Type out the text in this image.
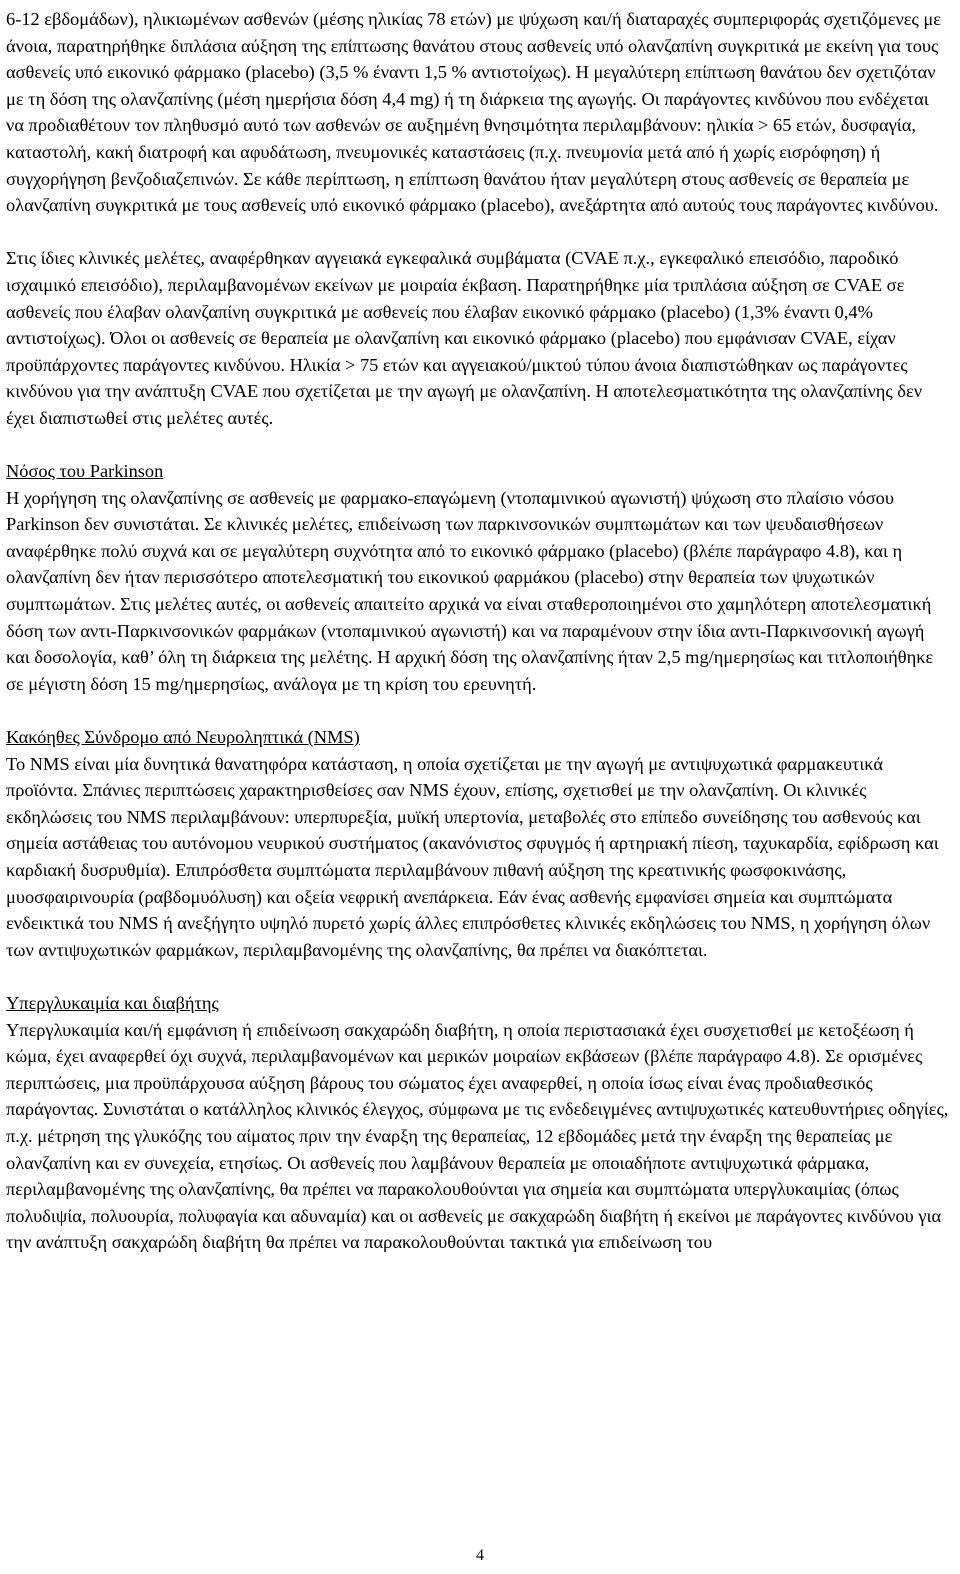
6-12 εβδομάδων), ηλικιωμένων ασθενών (μέσης ηλικίας 78 ετών) με ψύχωση και/ή διαταραχές συμπεριφοράς σχετιζόμενες με άνοια, παρατηρήθηκε διπλάσια αύξηση της επίπτωσης θανάτου στους ασθενείς υπό ολανζαπίνη συγκριτικά με εκείνη για τους ασθενείς υπό εικονικό φάρμακο (placebo) (3,5 % έναντι 1,5 % αντιστοίχως). Η μεγαλύτερη επίπτωση θανάτου δεν σχετιζόταν με τη δόση της ολανζαπίνης (μέση ημερήσια δόση 4,4 mg) ή τη διάρκεια της αγωγής. Οι παράγοντες κινδύνου που ενδέχεται να προδιαθέτουν τον πληθυσμό αυτό των ασθενών σε αυξημένη θνησιμότητα περιλαμβάνουν: ηλικία > 65 ετών, δυσφαγία, καταστολή, κακή διατροφή και αφυδάτωση, πνευμονικές καταστάσεις (π.χ. πνευμονία μετά από ή χωρίς εισρόφηση) ή συγχορήγηση βενζοδιαζεπινών. Σε κάθε περίπτωση, η επίπτωση θανάτου ήταν μεγαλύτερη στους ασθενείς σε θεραπεία με ολανζαπίνη συγκριτικά με τους ασθενείς υπό εικονικό φάρμακο (placebo), ανεξάρτητα από αυτούς τους παράγοντες κινδύνου.

Στις ίδιες κλινικές μελέτες, αναφέρθηκαν αγγειακά εγκεφαλικά συμβάματα (CVAE π.χ., εγκεφαλικό επεισόδιο, παροδικό ισχαιμικό επεισόδιο), περιλαμβανομένων εκείνων με μοιραία έκβαση. Παρατηρήθηκε μία τριπλάσια αύξηση σε CVAE σε ασθενείς που έλαβαν ολανζαπίνη συγκριτικά με ασθενείς που έλαβαν εικονικό φάρμακο (placebo) (1,3% έναντι 0,4% αντιστοίχως). Όλοι οι ασθενείς σε θεραπεία με ολανζαπίνη και εικονικό φάρμακο (placebo) που εμφάνισαν CVAE, είχαν προϋπάρχοντες παράγοντες κινδύνου. Ηλικία > 75 ετών και αγγειακού/μικτού τύπου άνοια διαπιστώθηκαν ως παράγοντες κινδύνου για την ανάπτυξη CVAE που σχετίζεται με την αγωγή με ολανζαπίνη. Η αποτελεσματικότητα της ολανζαπίνης δεν έχει διαπιστωθεί στις μελέτες αυτές.

Νόσος του Parkinson

Η χορήγηση της ολανζαπίνης σε ασθενείς με φαρμακο-επαγώμενη (ντοπαμινικού αγωνιστή) ψύχωση στο πλαίσιο νόσου Parkinson δεν συνιστάται. Σε κλινικές μελέτες, επιδείνωση των παρκινσονικών συμπτωμάτων και των ψευδαισθήσεων αναφέρθηκε πολύ συχνά και σε μεγαλύτερη συχνότητα από το εικονικό φάρμακο (placebo) (βλέπε παράγραφο 4.8), και η ολανζαπίνη δεν ήταν περισσότερο αποτελεσματική του εικονικού φαρμάκου (placebo) στην θεραπεία των ψυχωτικών συμπτωμάτων. Στις μελέτες αυτές, οι ασθενείς απαιτείτο αρχικά να είναι σταθεροποιημένοι στο χαμηλότερη αποτελεσματική δόση των αντι-Παρκινσονικών φαρμάκων (ντοπαμινικού αγωνιστή) και να παραμένουν στην ίδια αντι-Παρκινσονική αγωγή και δοσολογία, καθ’ όλη τη διάρκεια της μελέτης. Η αρχική δόση της ολανζαπίνης ήταν 2,5 mg/ημερησίως και τιτλοποιήθηκε σε μέγιστη δόση 15 mg/ημερησίως, ανάλογα με τη κρίση του ερευνητή.

Κακόηθες Σύνδρομο από Νευροληπτικά (NMS)

Το NMS είναι μία δυνητικά θανατηφόρα κατάσταση, η οποία σχετίζεται με την αγωγή με αντιψυχωτικά φαρμακευτικά προϊόντα. Σπάνιες περιπτώσεις χαρακτηρισθείσες σαν NMS έχουν, επίσης, σχετισθεί με την ολανζαπίνη. Οι κλινικές εκδηλώσεις του NMS περιλαμβάνουν: υπερπυρεξία, μυϊκή υπερτονία, μεταβολές στο επίπεδο συνείδησης του ασθενούς και σημεία αστάθειας του αυτόνομου νευρικού συστήματος (ακανόνιστος σφυγμός ή αρτηριακή πίεση, ταχυκαρδία, εφίδρωση και καρδιακή δυσρυθμία). Επιπρόσθετα συμπτώματα περιλαμβάνουν πιθανή αύξηση της κρεατινικής φωσφοκινάσης, μυοσφαιρινουρία (ραβδομυόλυση) και οξεία νεφρική ανεπάρκεια. Εάν ένας ασθενής εμφανίσει σημεία και συμπτώματα ενδεικτικά του NMS ή ανεξήγητο υψηλό πυρετό χωρίς άλλες επιπρόσθετες κλινικές εκδηλώσεις του NMS, η χορήγηση όλων των αντιψυχωτικών φαρμάκων, περιλαμβανομένης της ολανζαπίνης, θα πρέπει να διακόπτεται.

Υπεργλυκαιμία και διαβήτης

Υπεργλυκαιμία και/ή εμφάνιση ή επιδείνωση σακχαρώδη διαβήτη, η οποία περιστασιακά έχει συσχετισθεί με κετοξέωση ή κώμα, έχει αναφερθεί όχι συχνά, περιλαμβανομένων και μερικών μοιραίων εκβάσεων (βλέπε παράγραφο 4.8). Σε ορισμένες περιπτώσεις, μια προϋπάρχουσα αύξηση βάρους του σώματος έχει αναφερθεί, η οποία ίσως είναι ένας προδιαθεσικός παράγοντας. Συνιστάται ο κατάλληλος κλινικός έλεγχος, σύμφωνα με τις ενδεδειγμένες αντιψυχωτικές κατευθυντήριες οδηγίες, π.χ. μέτρηση της γλυκόζης του αίματος πριν την έναρξη της θεραπείας, 12 εβδομάδες μετά την έναρξη της θεραπείας με ολανζαπίνη και εν συνεχεία, ετησίως. Οι ασθενείς που λαμβάνουν θεραπεία με οποιαδήποτε αντιψυχωτικά φάρμακα, περιλαμβανομένης της ολανζαπίνης, θα πρέπει να παρακολουθούνται για σημεία και συμπτώματα υπεργλυκαιμίας (όπως πολυδιψία, πολυουρία, πολυφαγία και αδυναμία) και οι ασθενείς με σακχαρώδη διαβήτη ή εκείνοι με παράγοντες κινδύνου για την ανάπτυξη σακχαρώδη διαβήτη θα πρέπει να παρακολουθούνται τακτικά για επιδείνωση του

4
